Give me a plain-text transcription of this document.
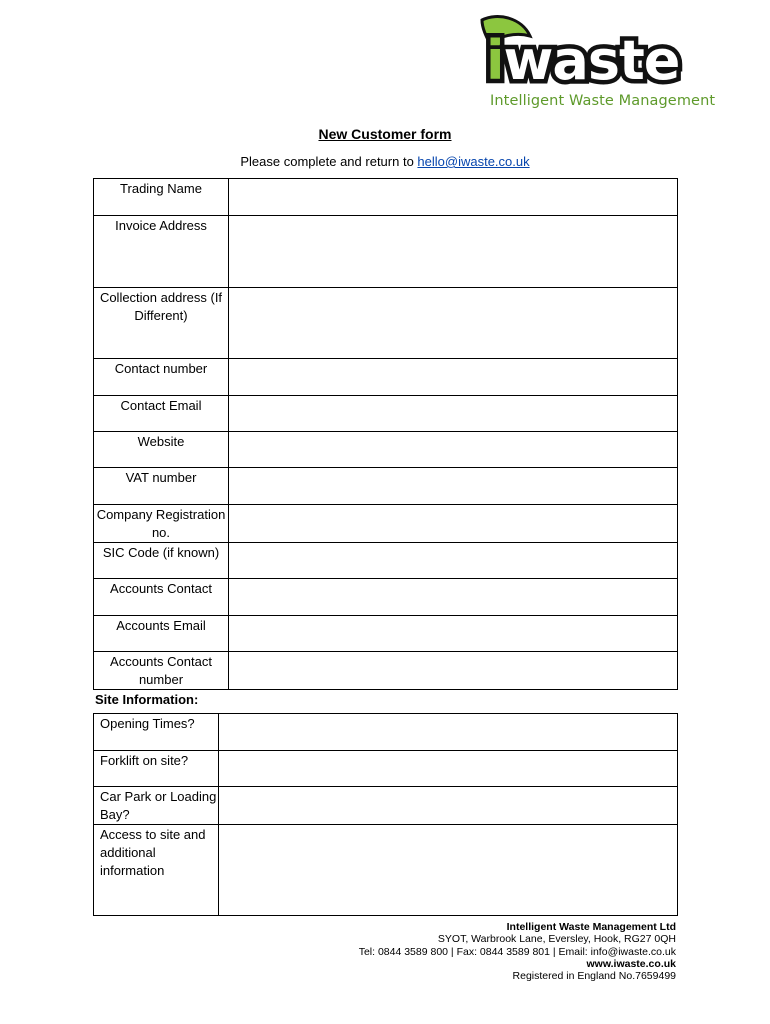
iwaste
Intelligent Waste Management
New Customer form
Please complete and return to hello@iwaste.co.uk
Trading Name	
Invoice Address	
Collection address (If Different)	
Contact number	
Contact Email	
Website	
VAT number	
Company Registration no.	
SIC Code (if known)	
Accounts Contact	
Accounts Email	
Accounts Contact number	
Site Information:
Opening Times?	
Forklift on site?	
Car Park or Loading Bay?	
Access to site and additional information	
Intelligent Waste Management Ltd
SYOT, Warbrook Lane, Eversley, Hook, RG27 0QH
Tel: 0844 3589 800 | Fax: 0844 3589 801 | Email: info@iwaste.co.uk
www.iwaste.co.uk
Registered in England No.7659499
